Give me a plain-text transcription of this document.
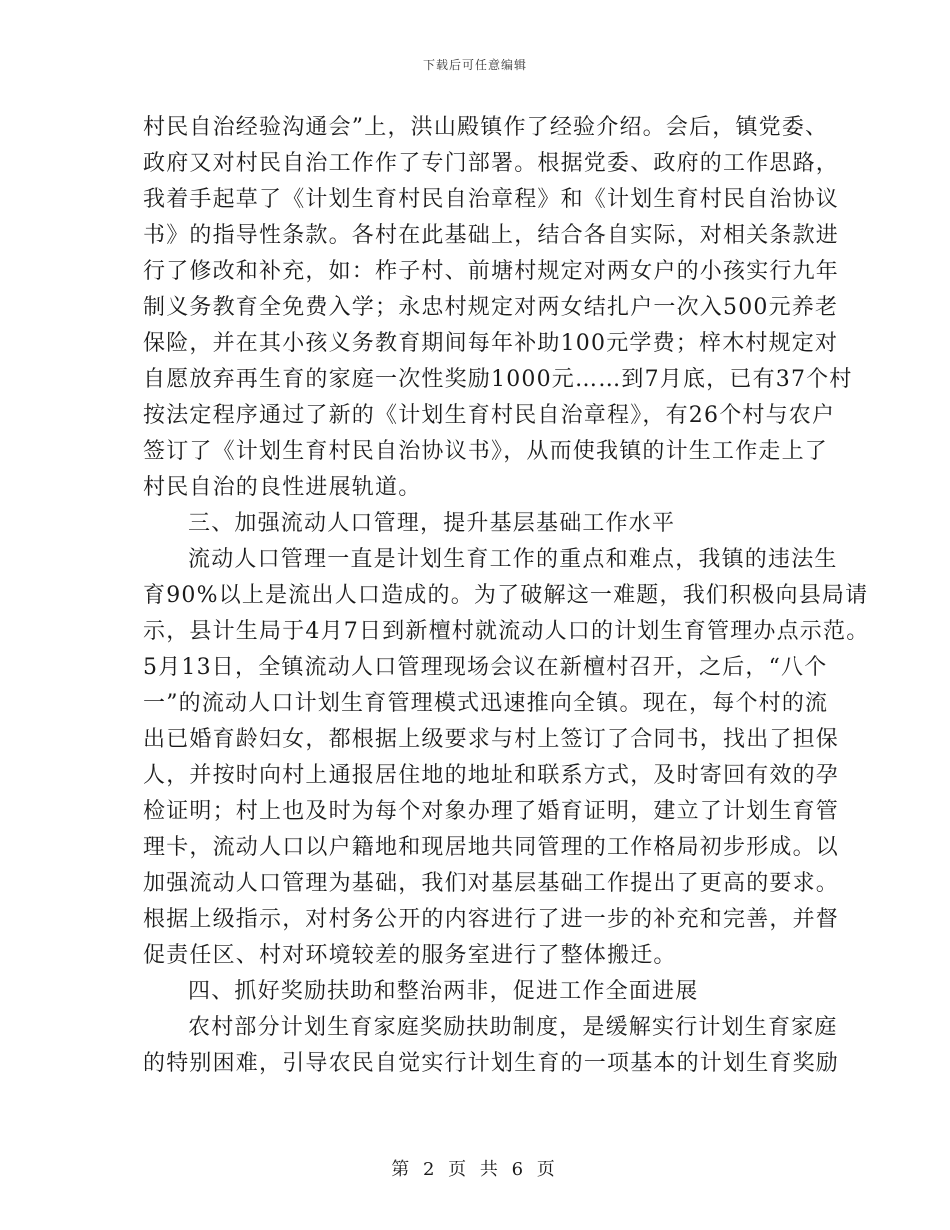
下载后可任意编辑
村民自治经验沟通会”上，洪山殿镇作了经验介绍。会后，镇党委、
政府又对村民自治工作作了专门部署。根据党委、政府的工作思路，
我着手起草了《计划生育村民自治章程》和《计划生育村民自治协议
书》的指导性条款。各村在此基础上，结合各自实际，对相关条款进
行了修改和补充，如：柞子村、前塘村规定对两女户的小孩实行九年
制义务教育全免费入学；永忠村规定对两女结扎户一次入500元养老
保险，并在其小孩义务教育期间每年补助100元学费；梓木村规定对
自愿放弃再生育的家庭一次性奖励1000元……到7月底，已有37个村
按法定程序通过了新的《计划生育村民自治章程》，有26个村与农户
签订了《计划生育村民自治协议书》，从而使我镇的计生工作走上了
村民自治的良性进展轨道。
三、加强流动人口管理，提升基层基础工作水平
流动人口管理一直是计划生育工作的重点和难点，我镇的违法生
育90%以上是流出人口造成的。为了破解这一难题，我们积极向县局请
示，县计生局于4月7日到新檀村就流动人口的计划生育管理办点示范。
5月13日，全镇流动人口管理现场会议在新檀村召开，之后，“八个
一”的流动人口计划生育管理模式迅速推向全镇。现在，每个村的流
出已婚育龄妇女，都根据上级要求与村上签订了合同书，找出了担保
人，并按时向村上通报居住地的地址和联系方式，及时寄回有效的孕
检证明；村上也及时为每个对象办理了婚育证明，建立了计划生育管
理卡，流动人口以户籍地和现居地共同管理的工作格局初步形成。以
加强流动人口管理为基础，我们对基层基础工作提出了更高的要求。
根据上级指示，对村务公开的内容进行了进一步的补充和完善，并督
促责任区、村对环境较差的服务室进行了整体搬迁。
四、抓好奖励扶助和整治两非，促进工作全面进展
农村部分计划生育家庭奖励扶助制度，是缓解实行计划生育家庭
的特别困难，引导农民自觉实行计划生育的一项基本的计划生育奖励
第 2 页 共 6 页
